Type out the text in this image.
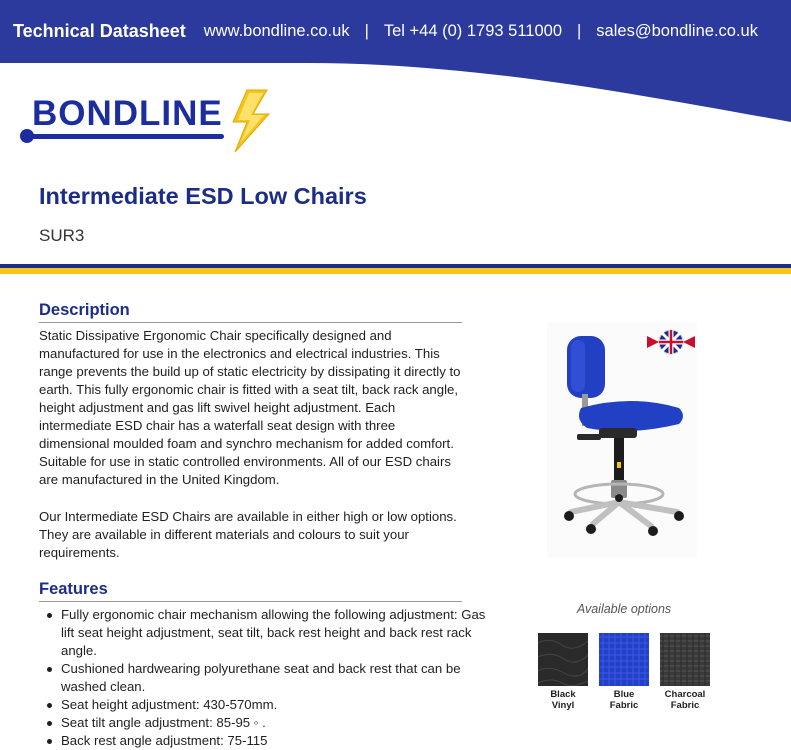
Technical Datasheet www.bondline.co.uk | Tel +44 (0) 1793 511000 | sales@bondline.co.uk
BONDLINE
Intermediate ESD Low Chairs
SUR3
Description
Static Dissipative Ergonomic Chair specifically designed and manufactured for use in the electronics and electrical industries. This range prevents the build up of static electricity by dissipating it directly to earth. This fully ergonomic chair is fitted with a seat tilt, back rack angle, height adjustment and gas lift swivel height adjustment. Each intermediate ESD chair has a waterfall seat design with three dimensional moulded foam and synchro mechanism for added comfort. Suitable for use in static controlled environments. All of our ESD chairs are manufactured in the United Kingdom.
Our Intermediate ESD Chairs are available in either high or low options. They are available in different materials and colours to suit your requirements.
Features
Fully ergonomic chair mechanism allowing the following adjustment: Gas lift seat height adjustment, seat tilt, back rest height and back rest rack angle.
Cushioned hardwearing polyurethane seat and back rest that can be washed clean.
Seat height adjustment: 430-570mm.
Seat tilt angle adjustment: 85-95 ◦ .
Back rest angle adjustment: 75-115
Available options
Black
Vinyl
Blue
Fabric
Charcoal
Fabric
